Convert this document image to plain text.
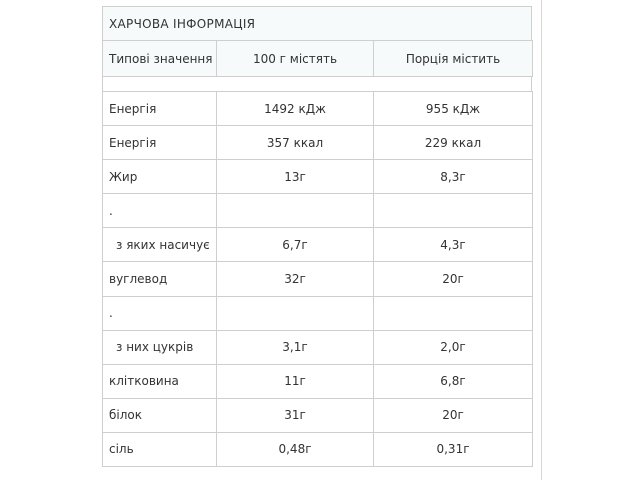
ХАРЧОВА ІНФОРМАЦІЯ
Типові значення	100 г містять	Порція містить
Енергія	1492 кДж	955 кДж
Енергія	357 ккал	229 ккал
Жир	13г	8,3г
.		
з яких насичує	6,7г	4,3г
вуглевод	32г	20г
.		
з них цукрів	3,1г	2,0г
клітковина	11г	6,8г
білок	31г	20г
сіль	0,48г	0,31г
